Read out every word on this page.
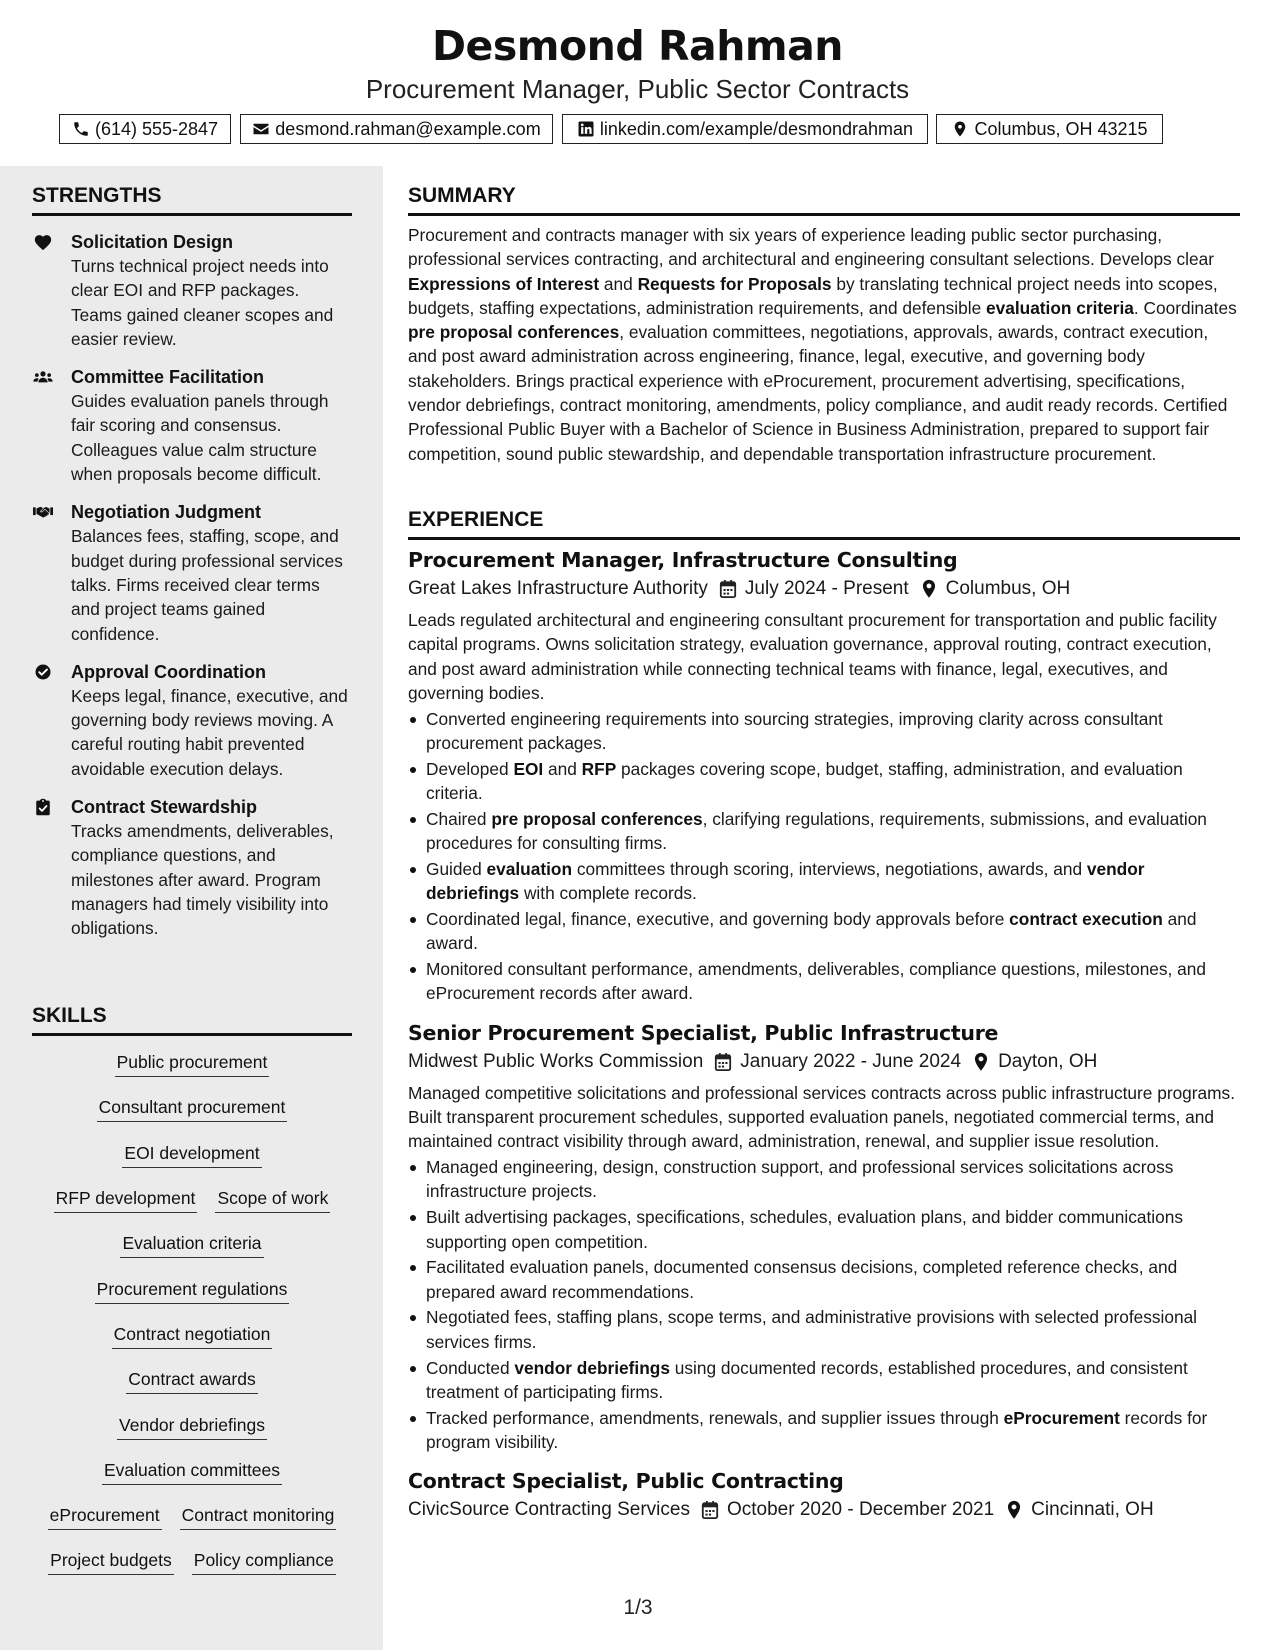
Desmond Rahman
Procurement Manager, Public Sector Contracts
(614) 555-2847	desmond.rahman@example.com	linkedin.com/example/desmondrahman	Columbus, OH 43215
STRENGTHS
Solicitation Design
Turns technical project needs into clear EOI and RFP packages. Teams gained cleaner scopes and easier review.
Committee Facilitation
Guides evaluation panels through fair scoring and consensus. Colleagues value calm structure when proposals become difficult.
Negotiation Judgment
Balances fees, staffing, scope, and budget during professional services talks. Firms received clear terms and project teams gained confidence.
Approval Coordination
Keeps legal, finance, executive, and governing body reviews moving. A careful routing habit prevented avoidable execution delays.
Contract Stewardship
Tracks amendments, deliverables, compliance questions, and milestones after award. Program managers had timely visibility into obligations.
SKILLS
Public procurement
Consultant procurement
EOI development
RFP development Scope of work
Evaluation criteria
Procurement regulations
Contract negotiation
Contract awards
Vendor debriefings
Evaluation committees
eProcurement Contract monitoring
Project budgets Policy compliance
SUMMARY
Procurement and contracts manager with six years of experience leading public sector purchasing, professional services contracting, and architectural and engineering consultant selections. Develops clear Expressions of Interest and Requests for Proposals by translating technical project needs into scopes, budgets, staffing expectations, administration requirements, and defensible evaluation criteria. Coordinates pre proposal conferences, evaluation committees, negotiations, approvals, awards, contract execution, and post award administration across engineering, finance, legal, executive, and governing body stakeholders. Brings practical experience with eProcurement, procurement advertising, specifications, vendor debriefings, contract monitoring, amendments, policy compliance, and audit ready records. Certified Professional Public Buyer with a Bachelor of Science in Business Administration, prepared to support fair competition, sound public stewardship, and dependable transportation infrastructure procurement.
EXPERIENCE
Procurement Manager, Infrastructure Consulting
Great Lakes Infrastructure Authority July 2024 - Present Columbus, OH
Leads regulated architectural and engineering consultant procurement for transportation and public facility capital programs. Owns solicitation strategy, evaluation governance, approval routing, contract execution, and post award administration while connecting technical teams with finance, legal, executives, and governing bodies.
Converted engineering requirements into sourcing strategies, improving clarity across consultant procurement packages.
Developed EOI and RFP packages covering scope, budget, staffing, administration, and evaluation criteria.
Chaired pre proposal conferences, clarifying regulations, requirements, submissions, and evaluation procedures for consulting firms.
Guided evaluation committees through scoring, interviews, negotiations, awards, and vendor debriefings with complete records.
Coordinated legal, finance, executive, and governing body approvals before contract execution and award.
Monitored consultant performance, amendments, deliverables, compliance questions, milestones, and eProcurement records after award.
Senior Procurement Specialist, Public Infrastructure
Midwest Public Works Commission January 2022 - June 2024 Dayton, OH
Managed competitive solicitations and professional services contracts across public infrastructure programs. Built transparent procurement schedules, supported evaluation panels, negotiated commercial terms, and maintained contract visibility through award, administration, renewal, and supplier issue resolution.
Managed engineering, design, construction support, and professional services solicitations across infrastructure projects.
Built advertising packages, specifications, schedules, evaluation plans, and bidder communications supporting open competition.
Facilitated evaluation panels, documented consensus decisions, completed reference checks, and prepared award recommendations.
Negotiated fees, staffing plans, scope terms, and administrative provisions with selected professional services firms.
Conducted vendor debriefings using documented records, established procedures, and consistent treatment of participating firms.
Tracked performance, amendments, renewals, and supplier issues through eProcurement records for program visibility.
Contract Specialist, Public Contracting
CivicSource Contracting Services October 2020 - December 2021 Cincinnati, OH
1/3
